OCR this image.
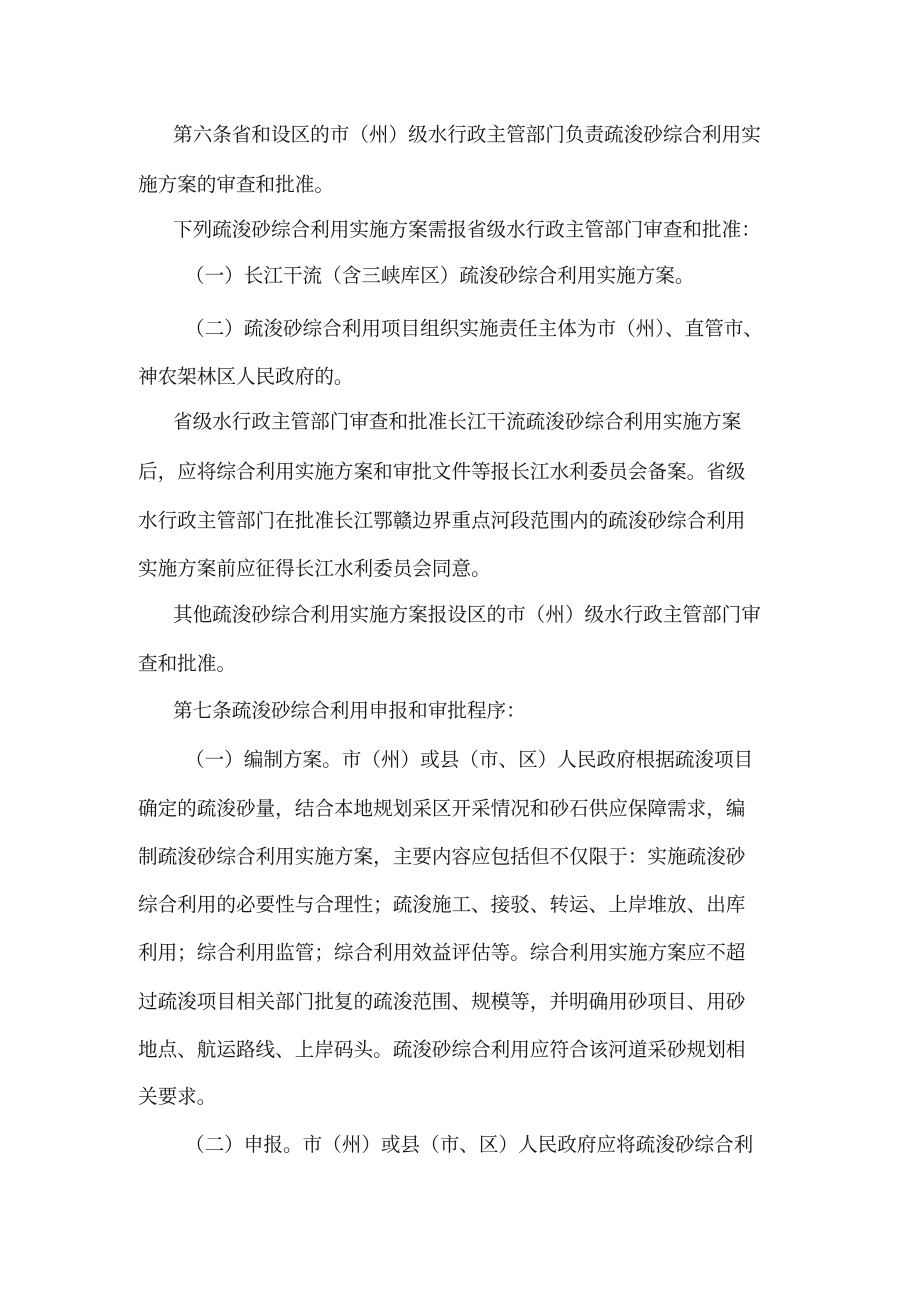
第六条省和设区的市（州）级水行政主管部门负责疏浚砂综合利用实
施方案的审查和批准。
下列疏浚砂综合利用实施方案需报省级水行政主管部门审查和批准：
（一）长江干流（含三峡库区）疏浚砂综合利用实施方案。
（二）疏浚砂综合利用项目组织实施责任主体为市（州）、直管市、
神农架林区人民政府的。
省级水行政主管部门审查和批准长江干流疏浚砂综合利用实施方案
后，应将综合利用实施方案和审批文件等报长江水利委员会备案。省级
水行政主管部门在批准长江鄂赣边界重点河段范围内的疏浚砂综合利用
实施方案前应征得长江水利委员会同意。
其他疏浚砂综合利用实施方案报设区的市（州）级水行政主管部门审
查和批准。
第七条疏浚砂综合利用申报和审批程序：
（一）编制方案。市（州）或县（市、区）人民政府根据疏浚项目
确定的疏浚砂量，结合本地规划采区开采情况和砂石供应保障需求，编
制疏浚砂综合利用实施方案，主要内容应包括但不仅限于：实施疏浚砂
综合利用的必要性与合理性；疏浚施工、接驳、转运、上岸堆放、出库
利用；综合利用监管；综合利用效益评估等。综合利用实施方案应不超
过疏浚项目相关部门批复的疏浚范围、规模等，并明确用砂项目、用砂
地点、航运路线、上岸码头。疏浚砂综合利用应符合该河道采砂规划相
关要求。
（二）申报。市（州）或县（市、区）人民政府应将疏浚砂综合利
